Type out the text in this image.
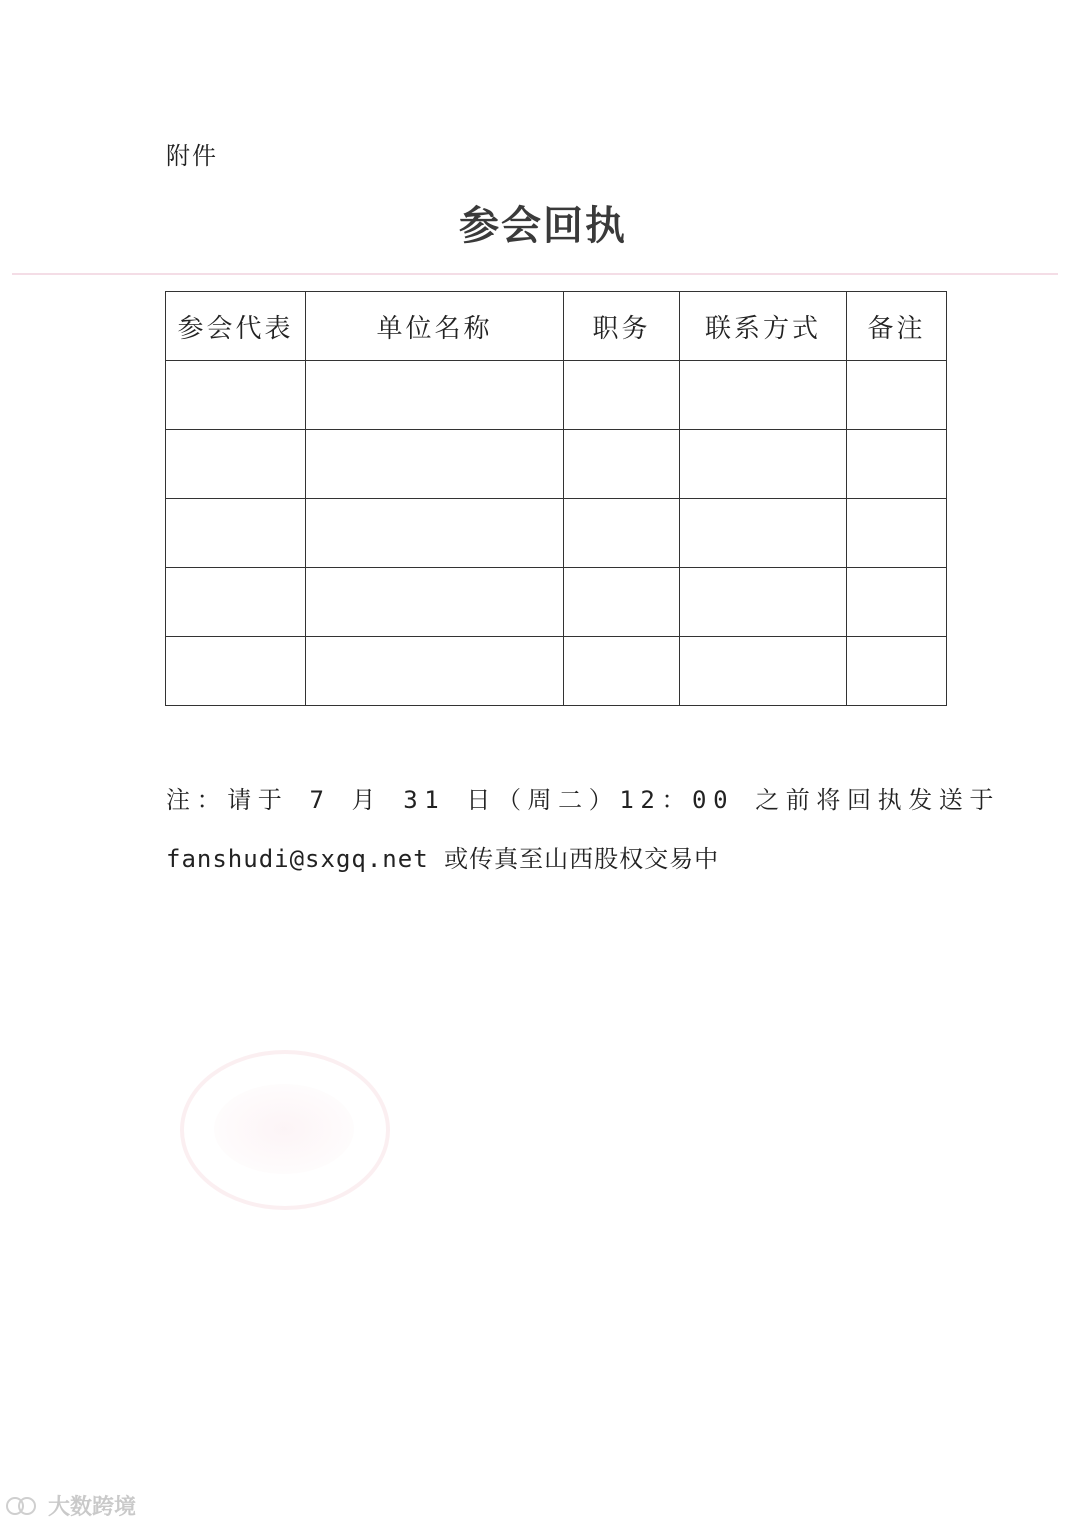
附件
参会回执
参会代表	单位名称	职务	联系方式	备注

注：请于 7 月 31 日（周二）12：00 之前将回执发送于
fanshudi@sxgq.net 或传真至山西股权交易中
大数跨境
